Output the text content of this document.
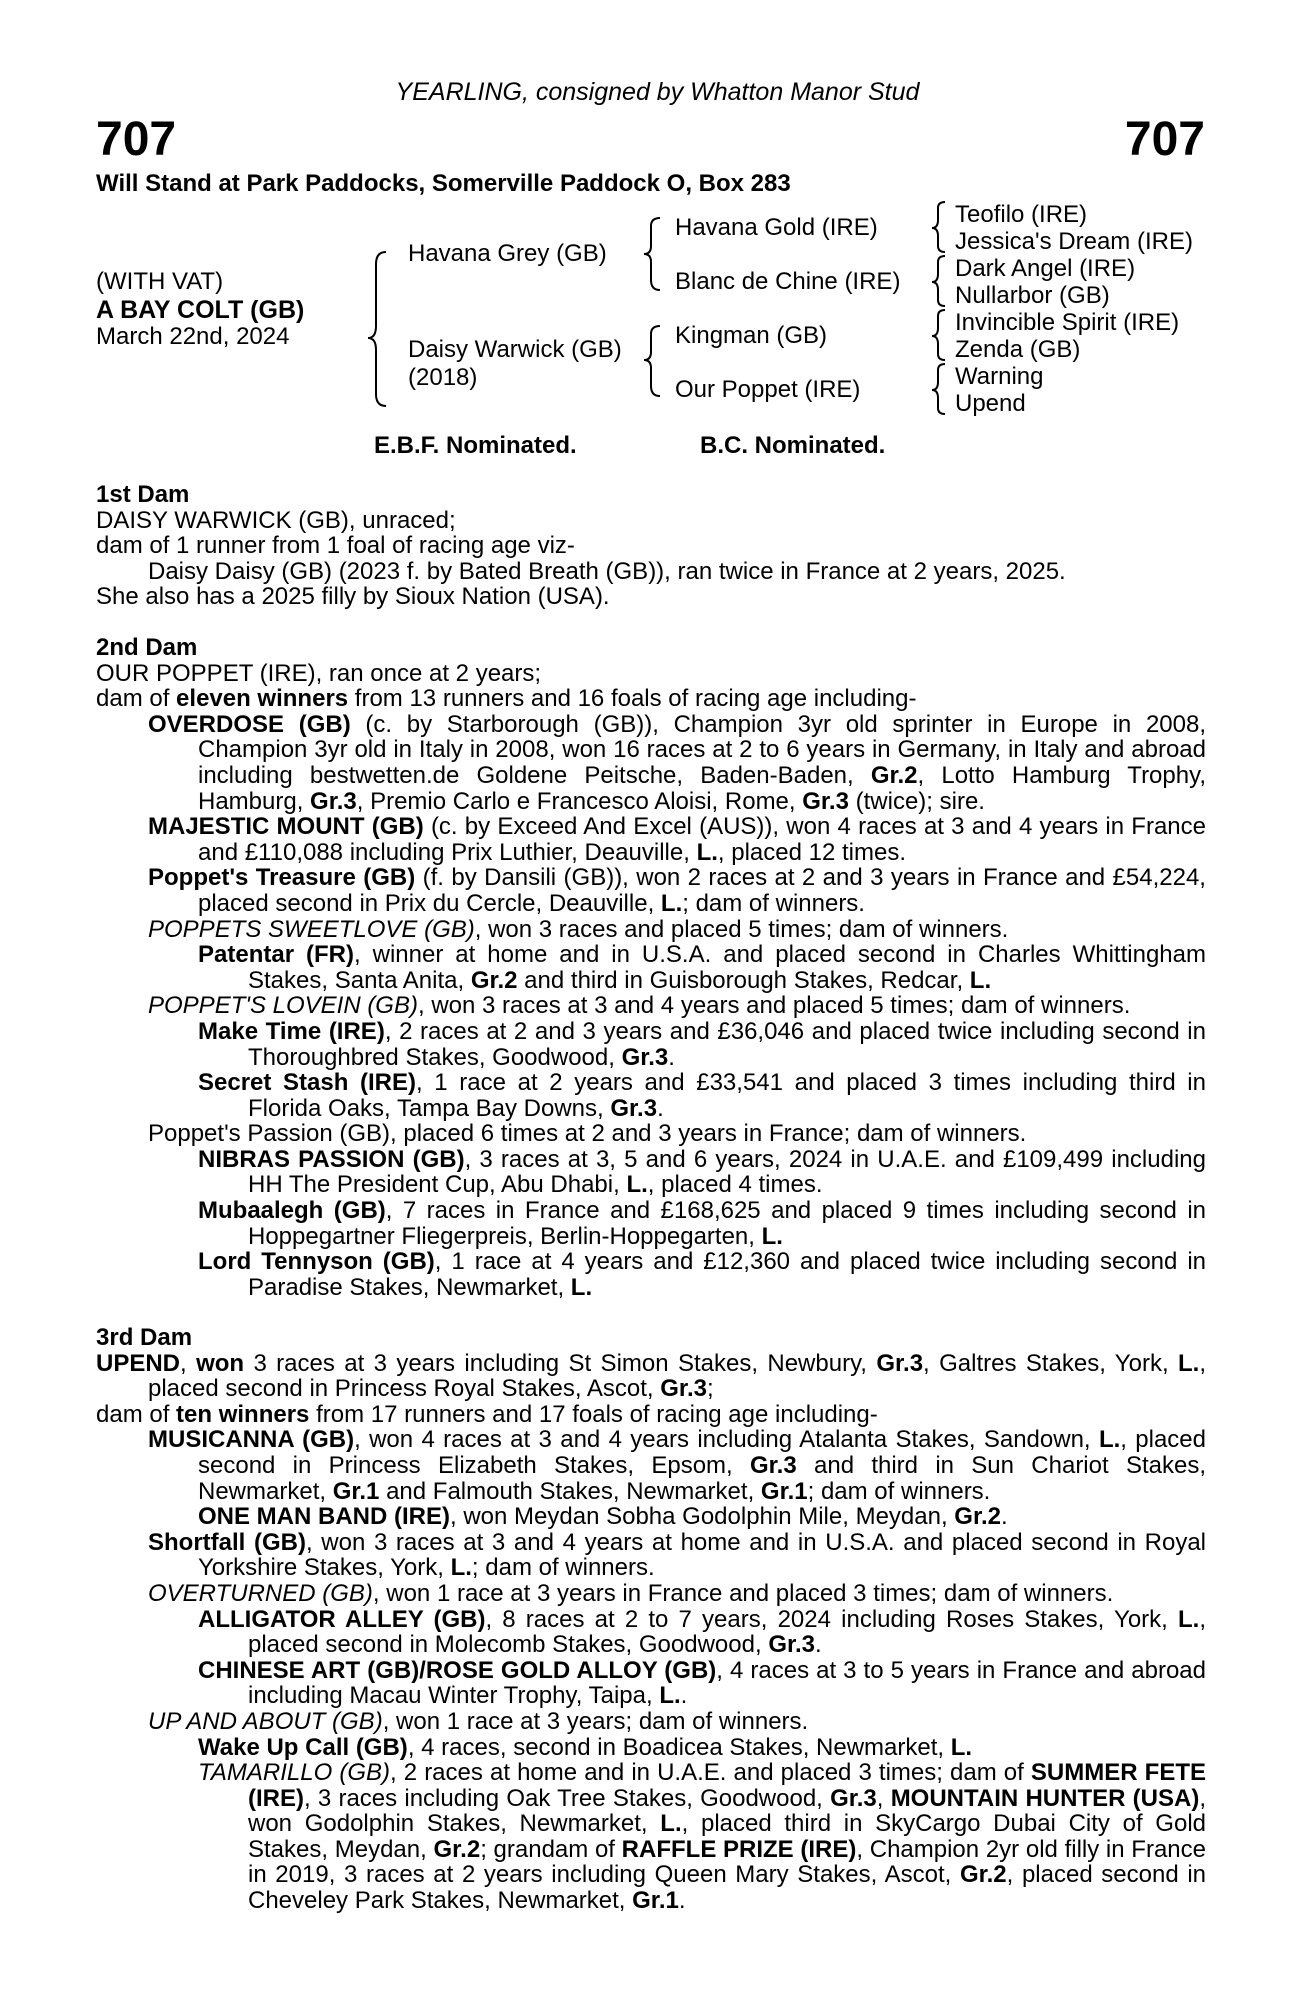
YEARLING, consigned by Whatton Manor Stud
707	707
Will Stand at Park Paddocks, Somerville Paddock O, Box 283
(WITH VAT)
A BAY COLT (GB)
March 22nd, 2024
Havana Grey (GB)
Daisy Warwick (GB)
(2018)
Havana Gold (IRE)
Blanc de Chine (IRE)
Kingman (GB)
Our Poppet (IRE)
Teofilo (IRE)
Jessica's Dream (IRE)
Dark Angel (IRE)
Nullarbor (GB)
Invincible Spirit (IRE)
Zenda (GB)
Warning
Upend
E.B.F. Nominated.	B.C. Nominated.

1st Dam

DAISY WARWICK (GB), unraced;

dam of 1 runner from 1 foal of racing age viz-

Daisy Daisy (GB) (2023 f. by Bated Breath (GB)), ran twice in France at 2 years, 2025.

She also has a 2025 filly by Sioux Nation (USA).

2nd Dam

OUR POPPET (IRE), ran once at 2 years;

dam of eleven winners from 13 runners and 16 foals of racing age including-

OVERDOSE (GB) (c. by Starborough (GB)), Champion 3yr old sprinter in Europe in 2008, Champion 3yr old in Italy in 2008, won 16 races at 2 to 6 years in Germany, in Italy and abroad including bestwetten.de Goldene Peitsche, Baden-Baden, Gr.2, Lotto Hamburg Trophy, Hamburg, Gr.3, Premio Carlo e Francesco Aloisi, Rome, Gr.3 (twice); sire.

MAJESTIC MOUNT (GB) (c. by Exceed And Excel (AUS)), won 4 races at 3 and 4 years in France and £110,088 including Prix Luthier, Deauville, L., placed 12 times.

Poppet's Treasure (GB) (f. by Dansili (GB)), won 2 races at 2 and 3 years in France and £54,224, placed second in Prix du Cercle, Deauville, L.; dam of winners.

POPPETS SWEETLOVE (GB), won 3 races and placed 5 times; dam of winners.

Patentar (FR), winner at home and in U.S.A. and placed second in Charles Whittingham Stakes, Santa Anita, Gr.2 and third in Guisborough Stakes, Redcar, L.

POPPET'S LOVEIN (GB), won 3 races at 3 and 4 years and placed 5 times; dam of winners.

Make Time (IRE), 2 races at 2 and 3 years and £36,046 and placed twice including second in Thoroughbred Stakes, Goodwood, Gr.3.

Secret Stash (IRE), 1 race at 2 years and £33,541 and placed 3 times including third in Florida Oaks, Tampa Bay Downs, Gr.3.

Poppet's Passion (GB), placed 6 times at 2 and 3 years in France; dam of winners.

NIBRAS PASSION (GB), 3 races at 3, 5 and 6 years, 2024 in U.A.E. and £109,499 including HH The President Cup, Abu Dhabi, L., placed 4 times.

Mubaalegh (GB), 7 races in France and £168,625 and placed 9 times including second in Hoppegartner Fliegerpreis, Berlin-Hoppegarten, L.

Lord Tennyson (GB), 1 race at 4 years and £12,360 and placed twice including second in Paradise Stakes, Newmarket, L.

3rd Dam

UPEND, won 3 races at 3 years including St Simon Stakes, Newbury, Gr.3, Galtres Stakes, York, L., placed second in Princess Royal Stakes, Ascot, Gr.3;

dam of ten winners from 17 runners and 17 foals of racing age including-

MUSICANNA (GB), won 4 races at 3 and 4 years including Atalanta Stakes, Sandown, L., placed second in Princess Elizabeth Stakes, Epsom, Gr.3 and third in Sun Chariot Stakes, Newmarket, Gr.1 and Falmouth Stakes, Newmarket, Gr.1; dam of winners.

ONE MAN BAND (IRE), won Meydan Sobha Godolphin Mile, Meydan, Gr.2.

Shortfall (GB), won 3 races at 3 and 4 years at home and in U.S.A. and placed second in Royal Yorkshire Stakes, York, L.; dam of winners.

OVERTURNED (GB), won 1 race at 3 years in France and placed 3 times; dam of winners.

ALLIGATOR ALLEY (GB), 8 races at 2 to 7 years, 2024 including Roses Stakes, York, L., placed second in Molecomb Stakes, Goodwood, Gr.3.

CHINESE ART (GB)/ROSE GOLD ALLOY (GB), 4 races at 3 to 5 years in France and abroad including Macau Winter Trophy, Taipa, L..

UP AND ABOUT (GB), won 1 race at 3 years; dam of winners.

Wake Up Call (GB), 4 races, second in Boadicea Stakes, Newmarket, L.

TAMARILLO (GB), 2 races at home and in U.A.E. and placed 3 times; dam of SUMMER FETE (IRE), 3 races including Oak Tree Stakes, Goodwood, Gr.3, MOUNTAIN HUNTER (USA), won Godolphin Stakes, Newmarket, L., placed third in SkyCargo Dubai City of Gold Stakes, Meydan, Gr.2; grandam of RAFFLE PRIZE (IRE), Champion 2yr old filly in France in 2019, 3 races at 2 years including Queen Mary Stakes, Ascot, Gr.2, placed second in Cheveley Park Stakes, Newmarket, Gr.1.
